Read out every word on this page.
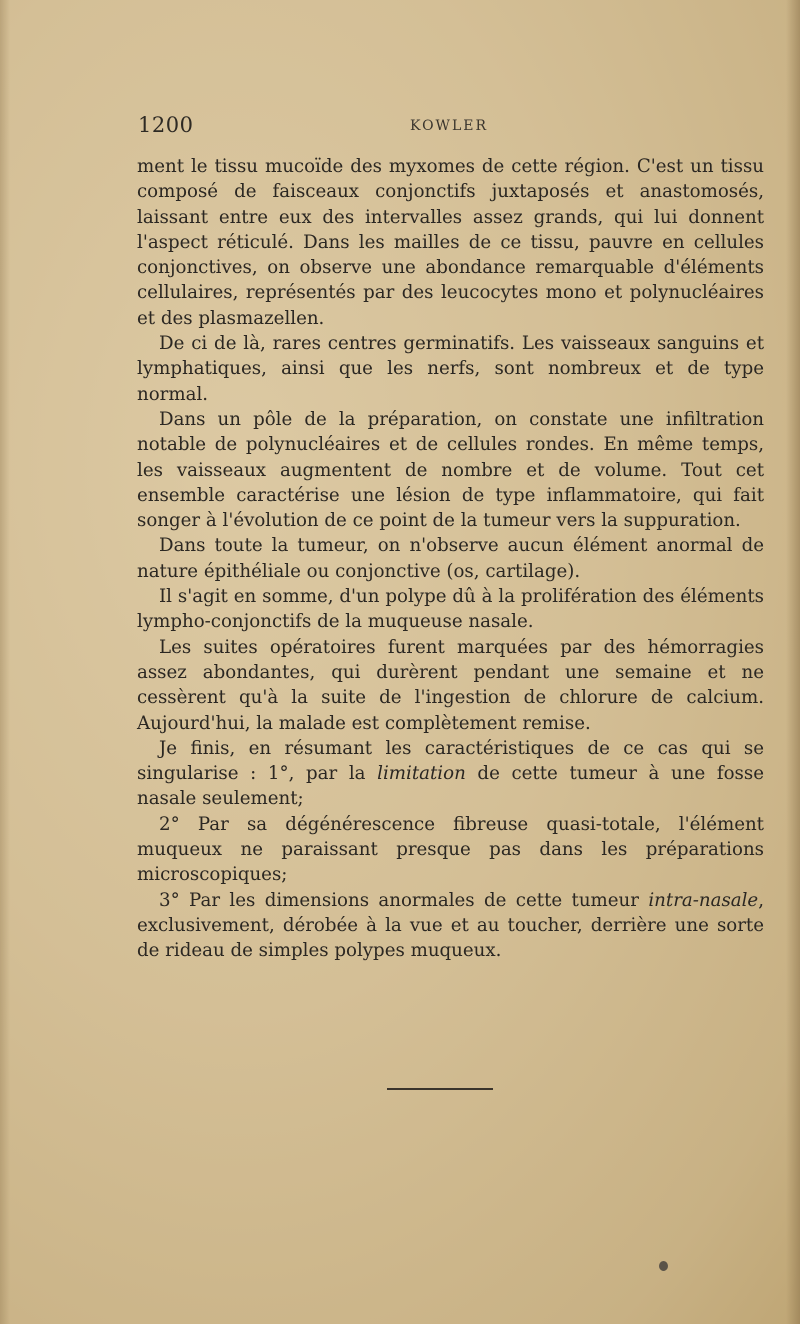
1200	KOWLER

ment le tissu mucoïde des myxomes de cette région. C'est un tissu composé de faisceaux conjonctifs juxtaposés et anastomosés, laissant entre eux des intervalles assez grands, qui lui donnent l'aspect réticulé. Dans les mailles de ce tissu, pauvre en cellules conjonctives, on observe une abondance remarquable d'éléments cellulaires, représentés par des leucocytes mono et polynucléaires et des plasmazellen.

De ci de là, rares centres germinatifs. Les vaisseaux sanguins et lymphatiques, ainsi que les nerfs, sont nombreux et de type normal.

Dans un pôle de la préparation, on constate une infiltration notable de polynucléaires et de cellules rondes. En même temps, les vaisseaux augmentent de nombre et de volume. Tout cet ensemble caractérise une lésion de type inflammatoire, qui fait songer à l'évolution de ce point de la tumeur vers la suppuration.

Dans toute la tumeur, on n'observe aucun élément anormal de nature épithéliale ou conjonctive (os, cartilage).

Il s'agit en somme, d'un polype dû à la prolifération des éléments lympho-conjonctifs de la muqueuse nasale.

Les suites opératoires furent marquées par des hémorragies assez abondantes, qui durèrent pendant une semaine et ne cessèrent qu'à la suite de l'ingestion de chlorure de calcium. Aujourd'hui, la malade est complètement remise.

Je finis, en résumant les caractéristiques de ce cas qui se singularise : 1°, par la limitation de cette tumeur à une fosse nasale seulement;

2° Par sa dégénérescence fibreuse quasi-totale, l'élément muqueux ne paraissant presque pas dans les préparations microscopiques;

3° Par les dimensions anormales de cette tumeur intra-nasale, exclusivement, dérobée à la vue et au toucher, derrière une sorte de rideau de simples polypes muqueux.
